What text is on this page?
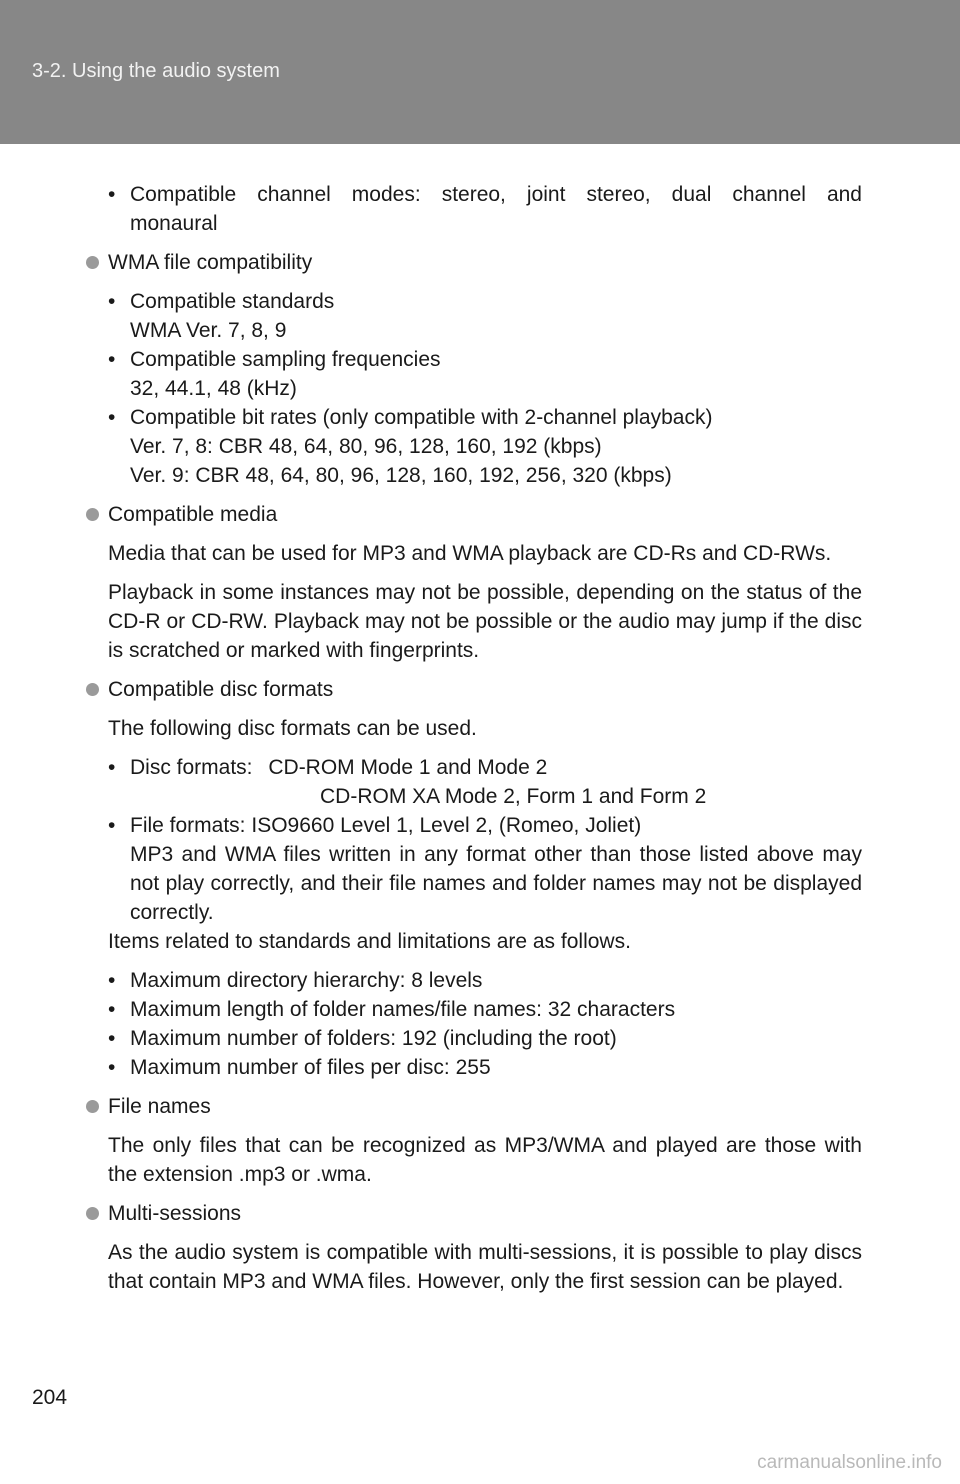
3-2. Using the audio system
• Compatible channel modes: stereo, joint stereo, dual channel and
monaural
WMA file compatibility
• Compatible standards
WMA Ver. 7, 8, 9
• Compatible sampling frequencies
32, 44.1, 48 (kHz)
• Compatible bit rates (only compatible with 2-channel playback)
Ver. 7, 8: CBR 48, 64, 80, 96, 128, 160, 192 (kbps)
Ver. 9: CBR 48, 64, 80, 96, 128, 160, 192, 256, 320 (kbps)
Compatible media
Media that can be used for MP3 and WMA playback are CD-Rs and CD-RWs.
Playback in some instances may not be possible, depending on the status of the CD-R or CD-RW. Playback may not be possible or the audio may jump if the disc is scratched or marked with fingerprints.
Compatible disc formats
The following disc formats can be used.
• Disc formats: CD-ROM Mode 1 and Mode 2
CD-ROM XA Mode 2, Form 1 and Form 2
• File formats: ISO9660 Level 1, Level 2, (Romeo, Joliet)
MP3 and WMA files written in any format other than those listed above may not play correctly, and their file names and folder names may not be displayed correctly.
Items related to standards and limitations are as follows.
• Maximum directory hierarchy: 8 levels
• Maximum length of folder names/file names: 32 characters
• Maximum number of folders: 192 (including the root)
• Maximum number of files per disc: 255
File names
The only files that can be recognized as MP3/WMA and played are those with the extension .mp3 or .wma.
Multi-sessions
As the audio system is compatible with multi-sessions, it is possible to play discs that contain MP3 and WMA files. However, only the first session can be played.
204
carmanualsonline.info
